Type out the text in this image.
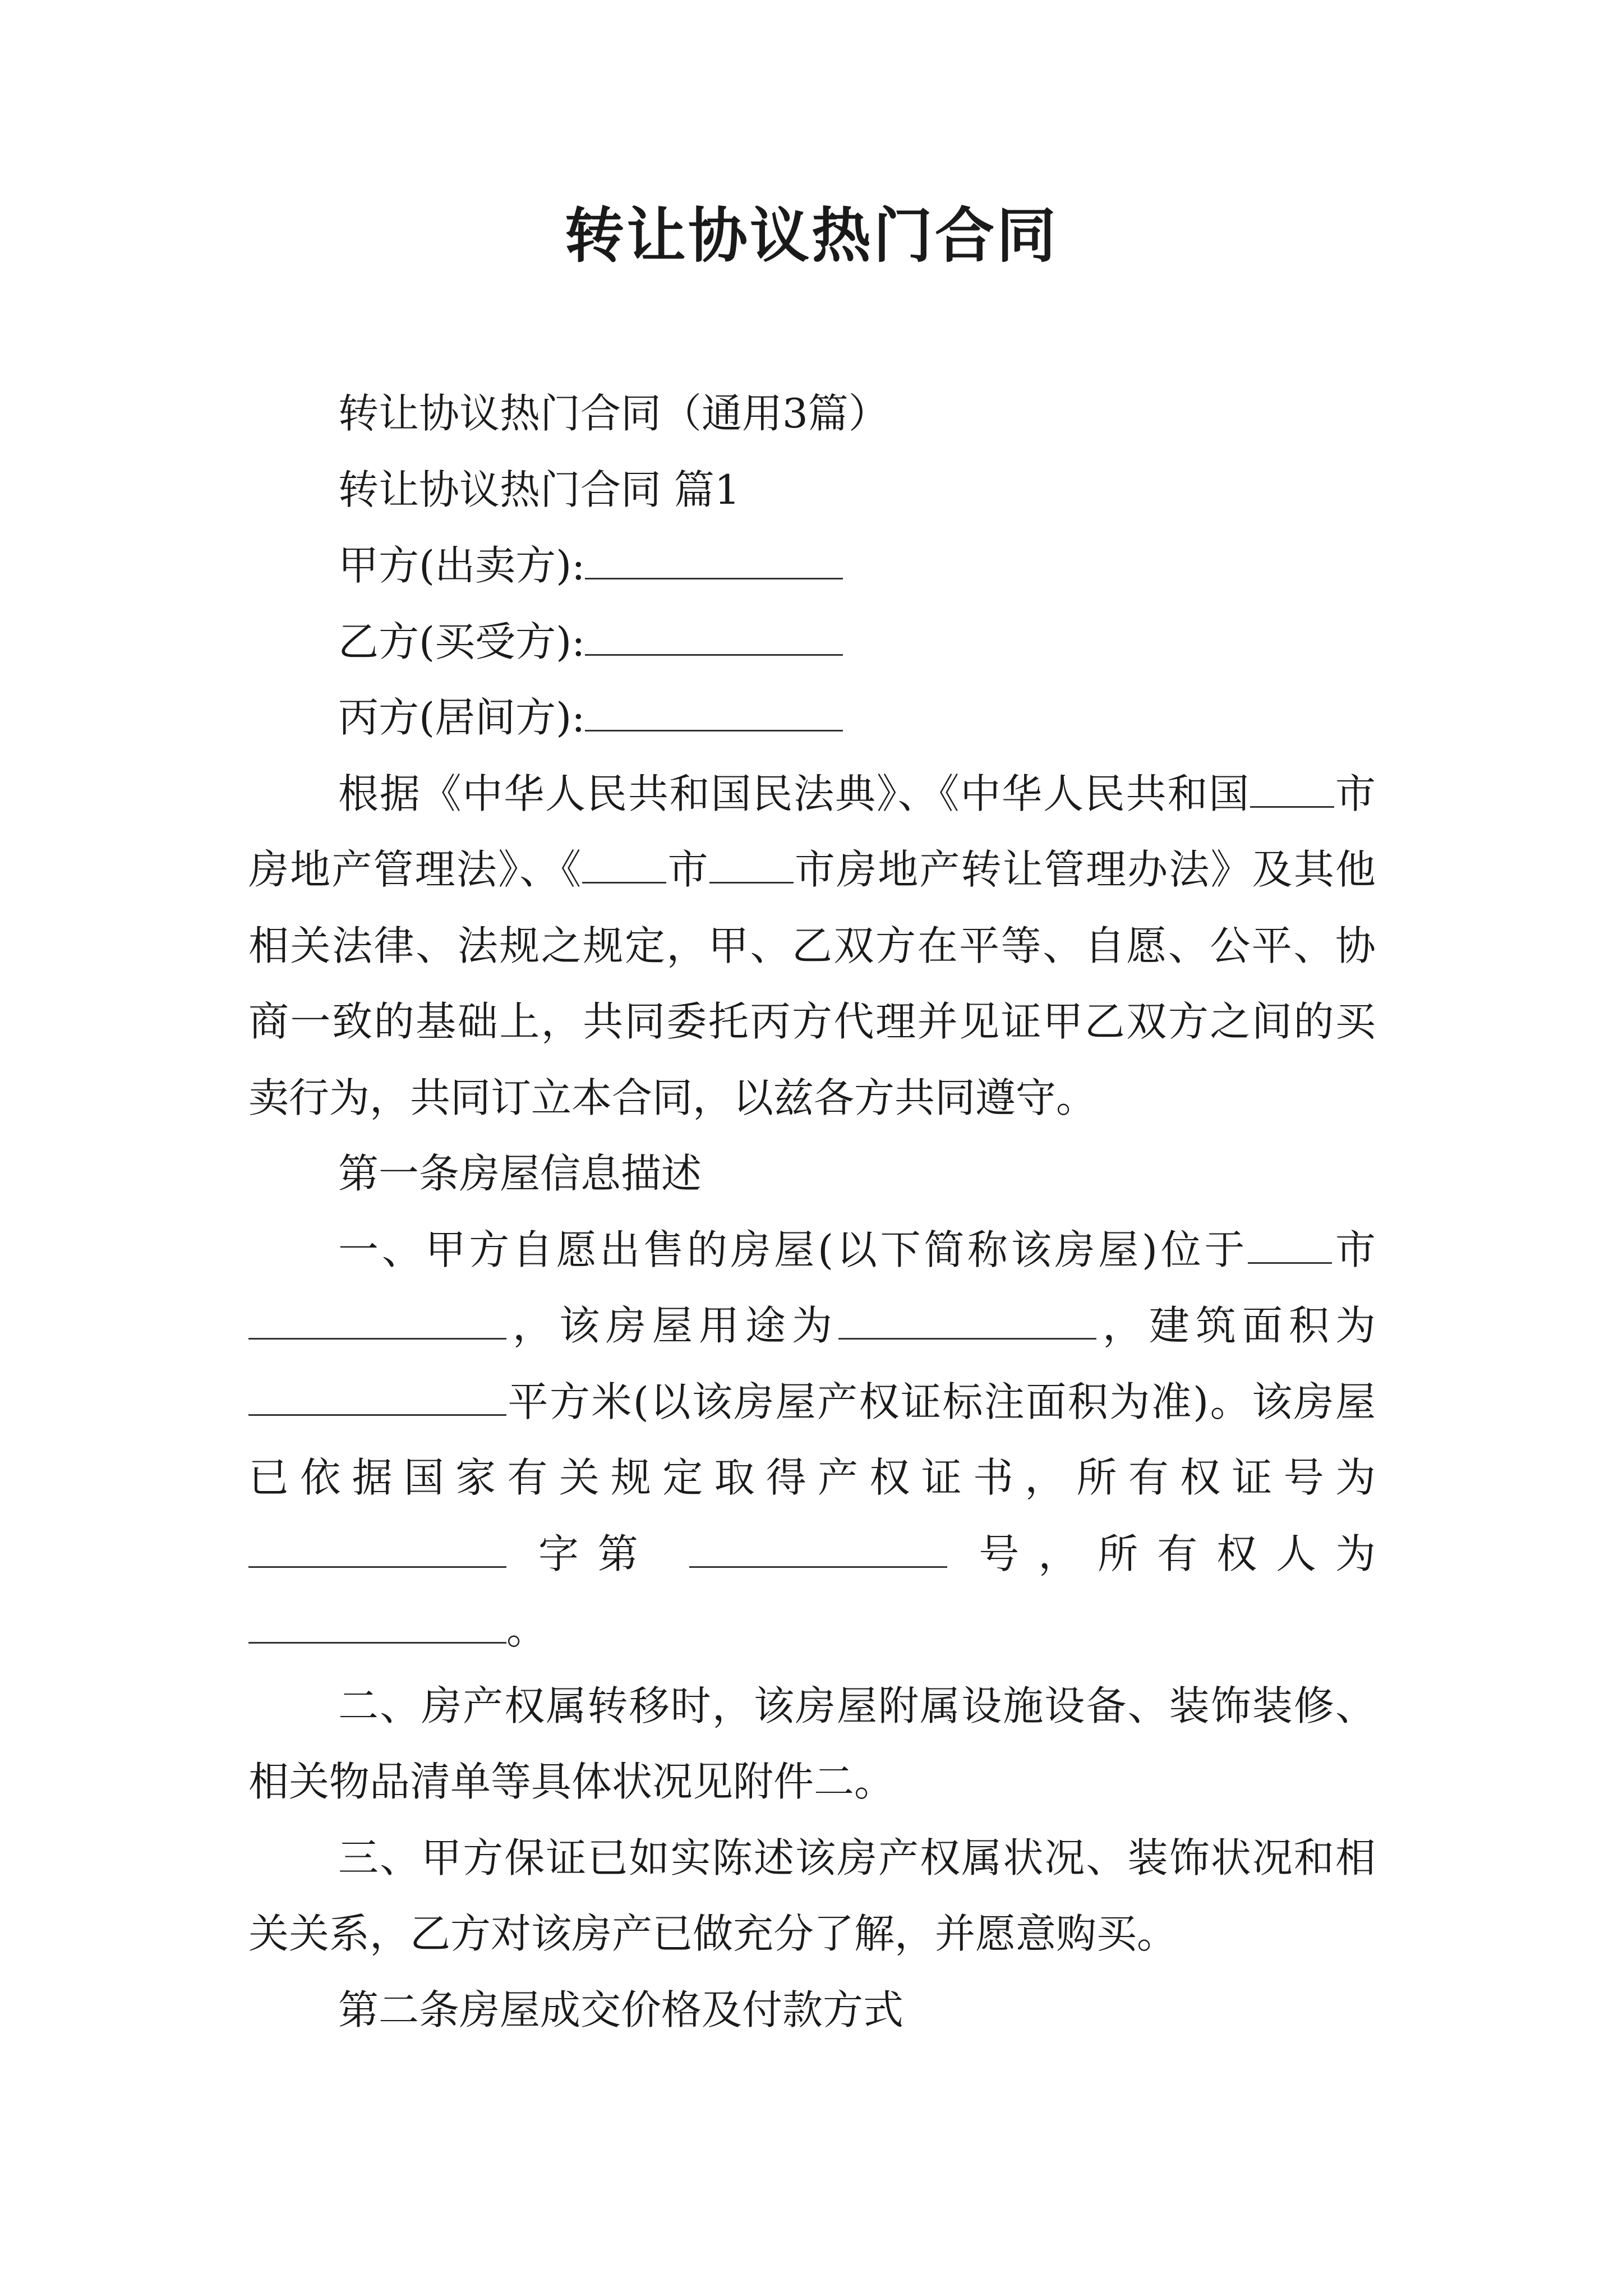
转让协议热门合同

转让协议热门合同（通用3篇）

转让协议热门合同 篇1

甲方(出卖方):

乙方(买受方):

丙方(居间方):

根据《中华人民共和国民法典》、《中华人民共和国 市房地产管理法》、《 市 市房地产转让管理办法》及其他相关法律、法规之规定，甲、乙双方在平等、自愿、公平、协商一致的基础上，共同委托丙方代理并见证甲乙双方之间的买卖行为，共同订立本合同，以兹各方共同遵守。

第一条房屋信息描述

一、甲方自愿出售的房屋(以下简称该房屋)位于 市 ，该房屋用途为	，建筑面积为 平方米(以该房屋产权证标注面积为准)。该房屋已依据国家有关规定取得产权证书，所有权证号为  字第	号，所有权人为 。

二、房产权属转移时，该房屋附属设施设备、装饰装修、相关物品清单等具体状况见附件二。

三、甲方保证已如实陈述该房产权属状况、装饰状况和相关关系，乙方对该房产已做充分了解，并愿意购买。

第二条房屋成交价格及付款方式
